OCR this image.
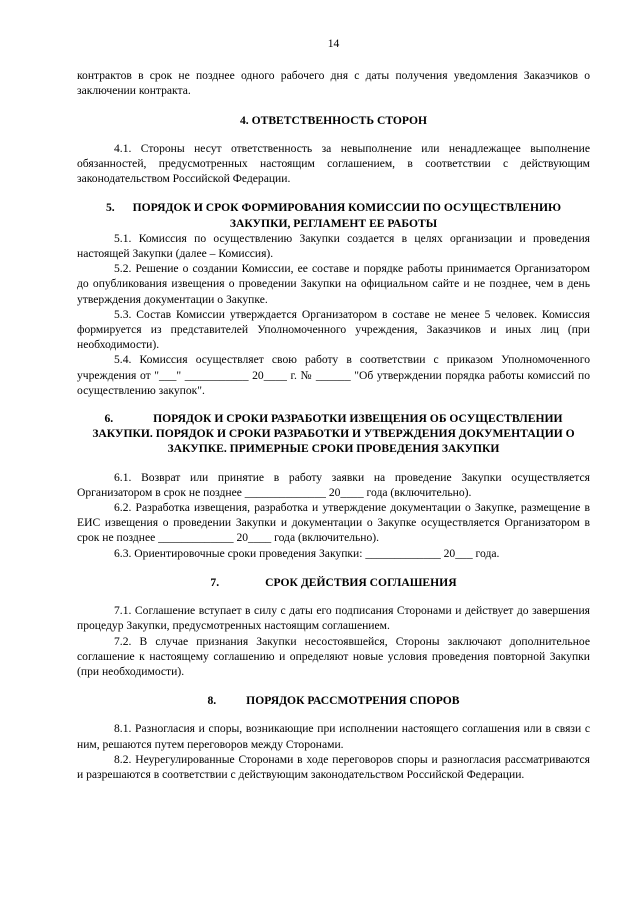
14

контрактов в срок не позднее одного рабочего дня с даты получения уведомления Заказчиков о заключении контракта.

4. ОТВЕТСТВЕННОСТЬ СТОРОН

4.1. Стороны несут ответственность за невыполнение или ненадлежащее выполнение обязанностей, предусмотренных настоящим соглашением, в соответствии с действующим законодательством Российской Федерации.

5. ПОРЯДОК И СРОК ФОРМИРОВАНИЯ КОМИССИИ ПО ОСУЩЕСТВЛЕНИЮ ЗАКУПКИ, РЕГЛАМЕНТ ЕЕ РАБОТЫ

5.1. Комиссия по осуществлению Закупки создается в целях организации и проведения настоящей Закупки (далее – Комиссия).

5.2. Решение о создании Комиссии, ее составе и порядке работы принимается Организатором до опубликования извещения о проведении Закупки на официальном сайте и не позднее, чем в день утверждения документации о Закупке.

5.3. Состав Комиссии утверждается Организатором в составе не менее 5 человек. Комиссия формируется из представителей Уполномоченного учреждения, Заказчиков и иных лиц (при необходимости).

5.4. Комиссия осуществляет свою работу в соответствии с приказом Уполномоченного учреждения от "___" ___________ 20____ г. № ______ "Об утверждении порядка работы комиссий по осуществлению закупок".

6.	ПОРЯДОК И СРОКИ РАЗРАБОТКИ ИЗВЕЩЕНИЯ ОБ ОСУЩЕСТВЛЕНИИ ЗАКУПКИ. ПОРЯДОК И СРОКИ РАЗРАБОТКИ И УТВЕРЖДЕНИЯ ДОКУМЕНТАЦИИ О ЗАКУПКЕ. ПРИМЕРНЫЕ СРОКИ ПРОВЕДЕНИЯ ЗАКУПКИ

6.1. Возврат или принятие в работу заявки на проведение Закупки осуществляется Организатором в срок не позднее ______________ 20____ года (включительно).

6.2. Разработка извещения, разработка и утверждение документации о Закупке, размещение в ЕИС извещения о проведении Закупки и документации о Закупке осуществляется Организатором в срок не позднее _____________ 20____ года (включительно).

6.3. Ориентировочные сроки проведения Закупки: _____________ 20___ года.

7.	СРОК ДЕЙСТВИЯ СОГЛАШЕНИЯ

7.1. Соглашение вступает в силу с даты его подписания Сторонами и действует до завершения процедур Закупки, предусмотренных настоящим соглашением.

7.2. В случае признания Закупки несостоявшейся, Стороны заключают дополнительное соглашение к настоящему соглашению и определяют новые условия проведения повторной Закупки (при необходимости).

8.	ПОРЯДОК РАССМОТРЕНИЯ СПОРОВ

8.1. Разногласия и споры, возникающие при исполнении настоящего соглашения или в связи с ним, решаются путем переговоров между Сторонами.

8.2. Неурегулированные Сторонами в ходе переговоров споры и разногласия рассматриваются и разрешаются в соответствии с действующим законодательством Российской Федерации.
